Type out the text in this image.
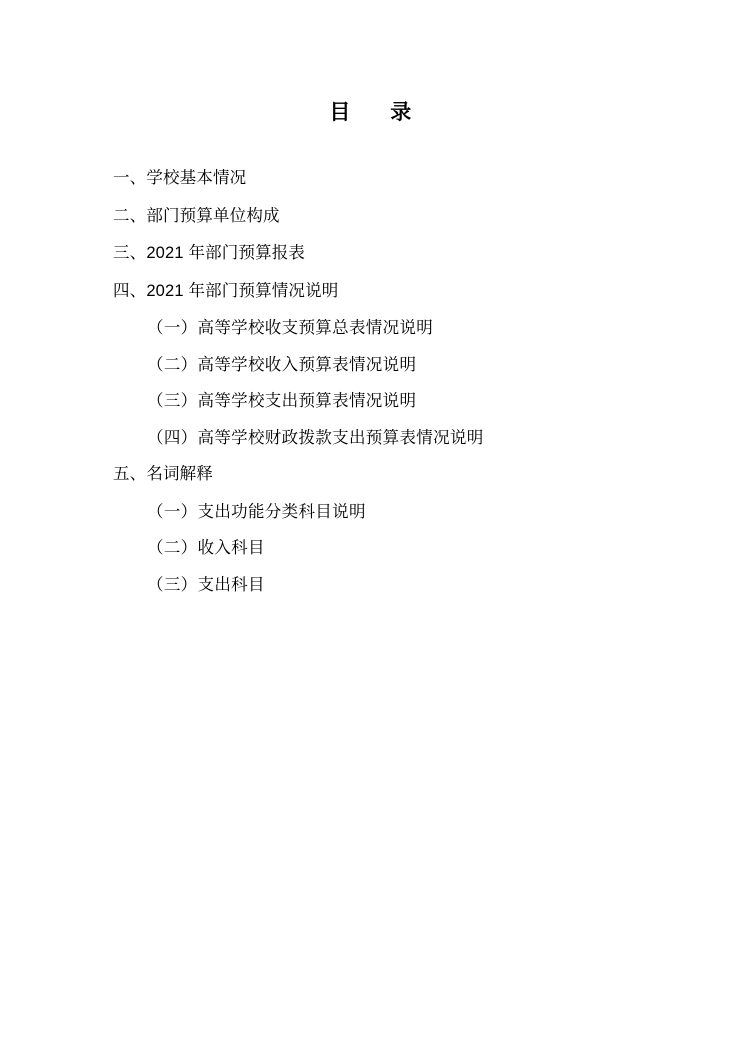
目　录
一、学校基本情况
二、部门预算单位构成
三、2021 年部门预算报表
四、2021 年部门预算情况说明
（一）高等学校收支预算总表情况说明
（二）高等学校收入预算表情况说明
（三）高等学校支出预算表情况说明
（四）高等学校财政拨款支出预算表情况说明
五、名词解释
（一）支出功能分类科目说明
（二）收入科目
（三）支出科目
